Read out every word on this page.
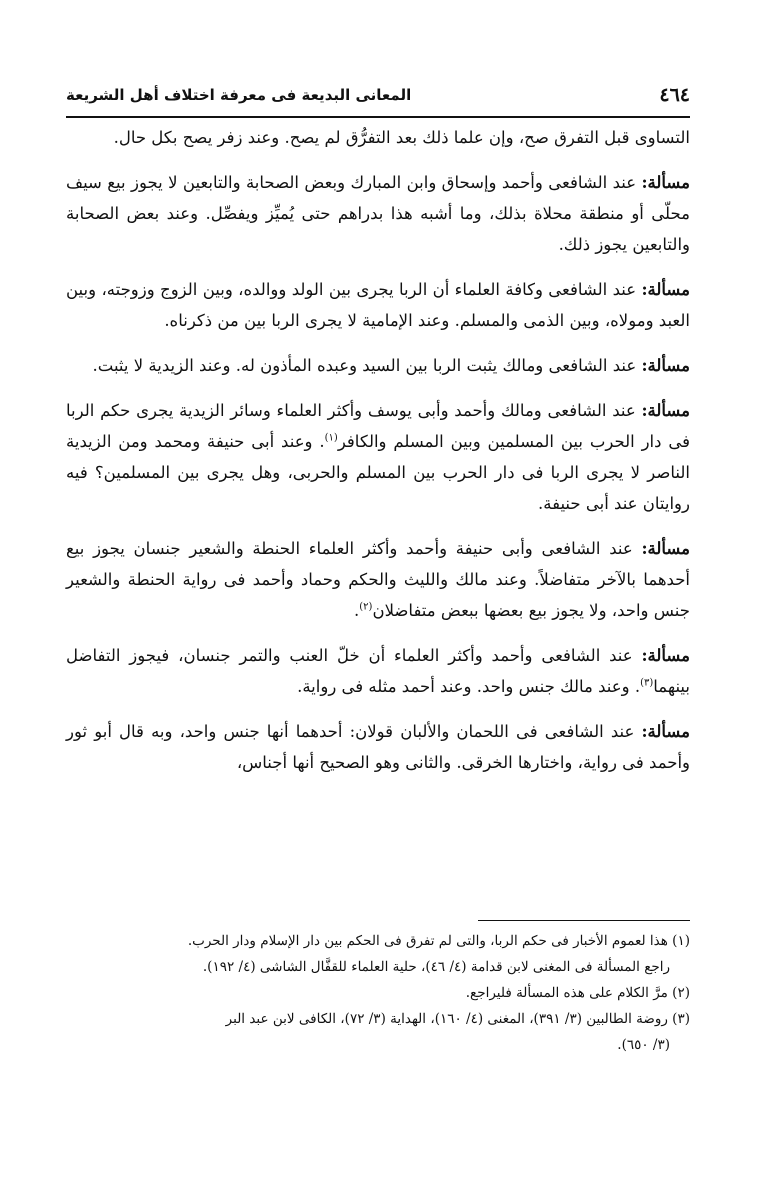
٤٦٤
المعانى البديعة فى معرفة اختلاف أهل الشريعة

التساوى قبل التفرق صح، وإن علما ذلك بعد التفرُّق لم يصح. وعند زفر يصح بكل حال.

مسألة: عند الشافعى وأحمد وإسحاق وابن المبارك وبعض الصحابة والتابعين لا يجوز بيع سيف محلّى أو منطقة محلاة بذلك، وما أشبه هذا بدراهم حتى يُميِّز ويفصِّل. وعند بعض الصحابة والتابعين يجوز ذلك.

مسألة: عند الشافعى وكافة العلماء أن الربا يجرى بين الولد ووالده، وبين الزوج وزوجته، وبين العبد ومولاه، وبين الذمى والمسلم. وعند الإمامية لا يجرى الربا بين من ذكرناه.

مسألة: عند الشافعى ومالك يثبت الربا بين السيد وعبده المأذون له. وعند الزيدية لا يثبت.

مسألة: عند الشافعى ومالك وأحمد وأبى يوسف وأكثر العلماء وسائر الزيدية يجرى حكم الربا فى دار الحرب بين المسلمين وبين المسلم والكافر$^{(١)}$. وعند أبى حنيفة ومحمد ومن الزيدية الناصر لا يجرى الربا فى دار الحرب بين المسلم والحربى، وهل يجرى بين المسلمين؟ فيه روايتان عند أبى حنيفة.

مسألة: عند الشافعى وأبى حنيفة وأحمد وأكثر العلماء الحنطة والشعير جنسان يجوز بيع أحدهما بالآخر متفاضلاً. وعند مالك والليث والحكم وحماد وأحمد فى رواية الحنطة والشعير جنس واحد، ولا يجوز بيع بعضها ببعض متفاضلان$^{(٢)}$.

مسألة: عند الشافعى وأحمد وأكثر العلماء أن خلّ العنب والتمر جنسان، فيجوز التفاضل بينهما$^{(٣)}$. وعند مالك جنس واحد. وعند أحمد مثله فى رواية.

مسألة: عند الشافعى فى اللحمان والألبان قولان: أحدهما أنها جنس واحد، وبه قال أبو ثور وأحمد فى رواية، واختارها الخرقى. والثانى وهو الصحيح أنها أجناس،

(١) هذا لعموم الأخبار فى حكم الربا، والتى لم تفرق فى الحكم بين دار الإسلام ودار الحرب.

راجع المسألة فى المغنى لابن قدامة (٤/ ٤٦)، حلية العلماء للقفَّال الشاشى (٤/ ١٩٢).

(٢) مرَّ الكلام على هذه المسألة فليراجع.

(٣) روضة الطالبين (٣/ ٣٩١)، المغنى (٤/ ١٦٠)، الهداية (٣/ ٧٢)، الكافى لابن عبد البر

(٣/ ٦٥٠).
